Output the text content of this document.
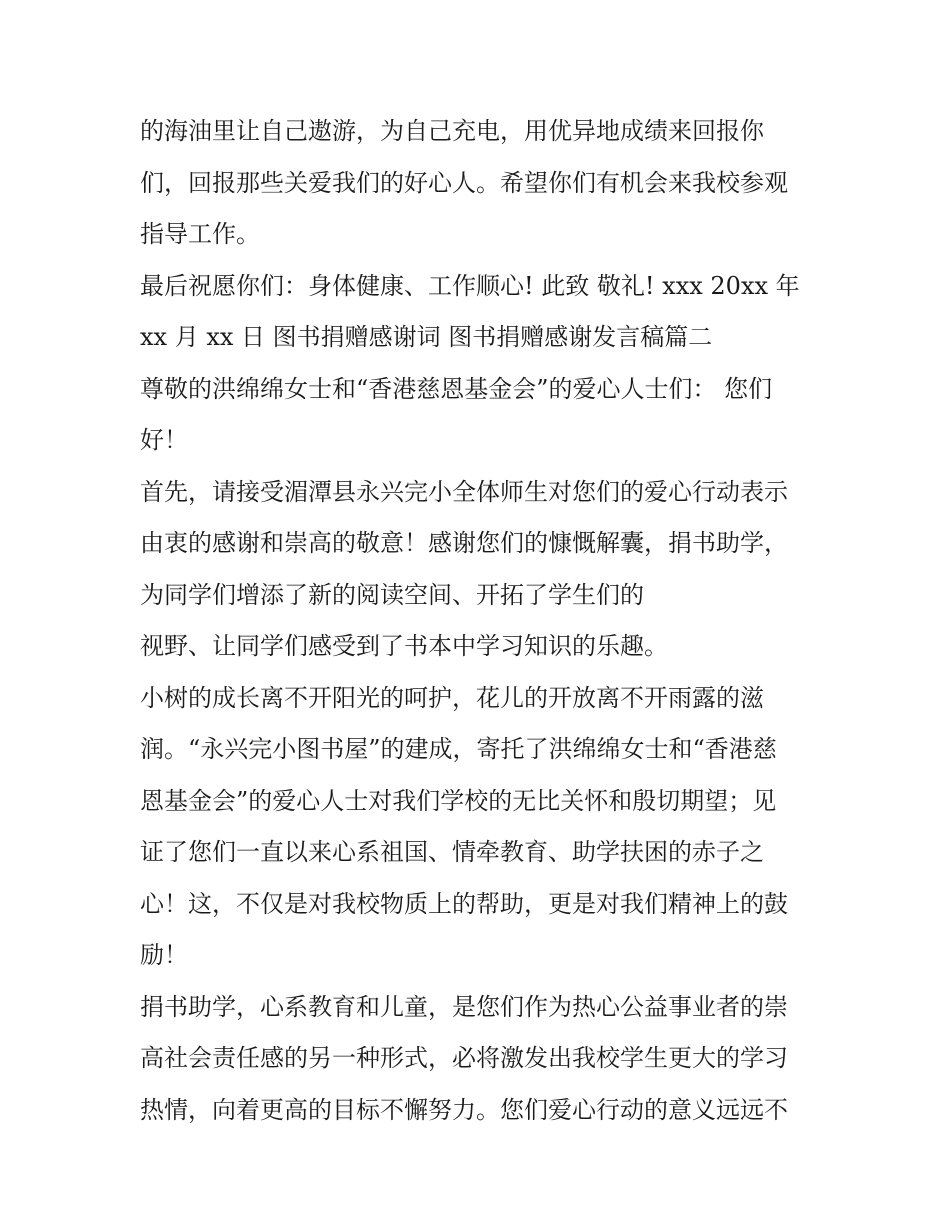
的海油里让自己遨游，为自己充电，用优异地成绩来回报你
们，回报那些关爱我们的好心人。希望你们有机会来我校参观
指导工作。
最后祝愿你们：身体健康、工作顺心! 此致 敬礼! xxx 20xx 年
xx 月 xx 日 图书捐赠感谢词 图书捐赠感谢发言稿篇二
尊敬的洪绵绵女士和“香港慈恩基金会”的爱心人士们： 您们
好！
首先，请接受湄潭县永兴完小全体师生对您们的爱心行动表示
由衷的感谢和崇高的敬意！感谢您们的慷慨解囊，捐书助学，
为同学们增添了新的阅读空间、开拓了学生们的
视野、让同学们感受到了书本中学习知识的乐趣。
小树的成长离不开阳光的呵护，花儿的开放离不开雨露的滋
润。“永兴完小图书屋”的建成，寄托了洪绵绵女士和“香港慈
恩基金会”的爱心人士对我们学校的无比关怀和殷切期望；见
证了您们一直以来心系祖国、情牵教育、助学扶困的赤子之
心！这，不仅是对我校物质上的帮助，更是对我们精神上的鼓
励！
捐书助学，心系教育和儿童，是您们作为热心公益事业者的崇
高社会责任感的另一种形式，必将激发出我校学生更大的学习
热情，向着更高的目标不懈努力。您们爱心行动的意义远远不
